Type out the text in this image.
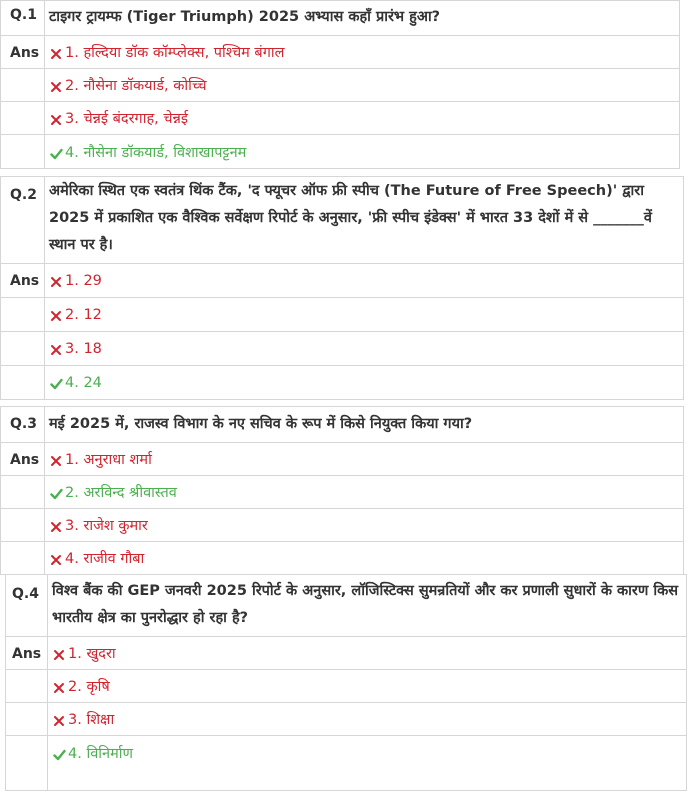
Q.1	टाइगर ट्रायम्फ (Tiger Triumph) 2025 अभ्यास कहाँ प्रारंभ हुआ?
Ans	1. हल्दिया डॉक कॉम्प्लेक्स, पश्चिम बंगाल

2. नौसेना डॉकयार्ड, कोच्चि

3. चेन्नई बंदरगाह, चेन्नई

4. नौसेना डॉकयार्ड, विशाखापट्टनम
Q.2	अमेरिका स्थित एक स्वतंत्र थिंक टैंक, 'द फ्यूचर ऑफ फ्री स्पीच (The Future of Free Speech)' द्वारा 2025 में प्रकाशित एक वैश्विक सर्वेक्षण रिपोर्ट के अनुसार, 'फ्री स्पीच इंडेक्स' में भारत 33 देशों में से _______वें स्थान पर है।
Ans	1. 29

2. 12

3. 18

4. 24
Q.3	मई 2025 में, राजस्व विभाग के नए सचिव के रूप में किसे नियुक्त किया गया?
Ans	1. अनुराधा शर्मा

2. अरविन्द श्रीवास्तव

3. राजेश कुमार

4. राजीव गौबा
Q.4	विश्व बैंक की GEP जनवरी 2025 रिपोर्ट के अनुसार, लॉजिस्टिक्स सुमन्रतियों और कर प्रणाली सुधारों के कारण किस भारतीय क्षेत्र का पुनरोद्धार हो रहा है?
Ans	1. खुदरा

2. कृषि

3. शिक्षा

4. विनिर्माण
